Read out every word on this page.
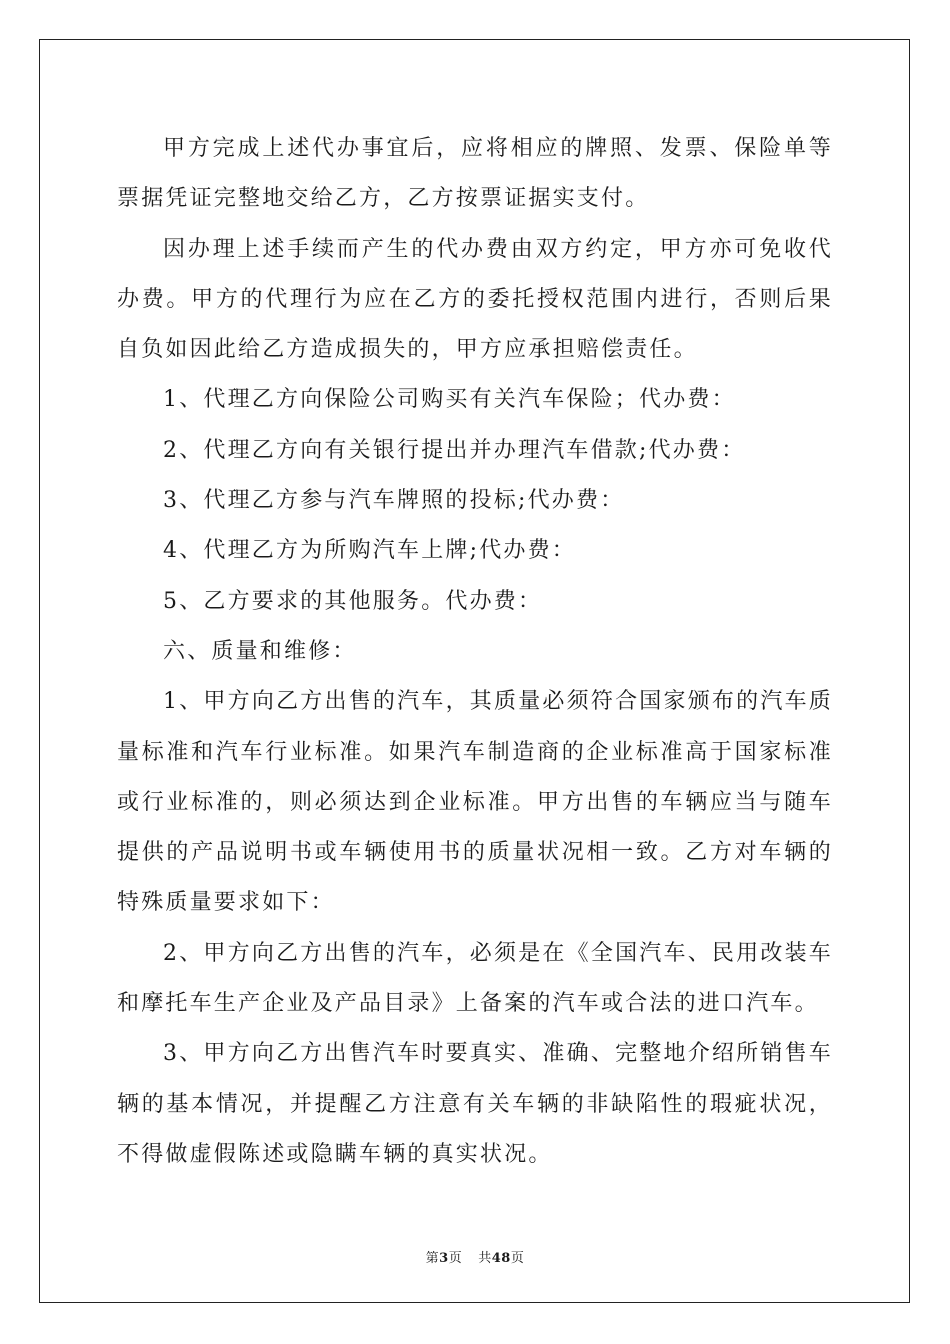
甲方完成上述代办事宜后，应将相应的牌照、发票、保险单等票据凭证完整地交给乙方，乙方按票证据实支付。

因办理上述手续而产生的代办费由双方约定，甲方亦可免收代办费。甲方的代理行为应在乙方的委托授权范围内进行，否则后果自负如因此给乙方造成损失的，甲方应承担赔偿责任。

1、代理乙方向保险公司购买有关汽车保险；代办费：

2、代理乙方向有关银行提出并办理汽车借款;代办费：

3、代理乙方参与汽车牌照的投标;代办费：

4、代理乙方为所购汽车上牌;代办费：

5、乙方要求的其他服务。代办费：

六、质量和维修：

1、甲方向乙方出售的汽车，其质量必须符合国家颁布的汽车质量标准和汽车行业标准。如果汽车制造商的企业标准高于国家标准或行业标准的，则必须达到企业标准。甲方出售的车辆应当与随车提供的产品说明书或车辆使用书的质量状况相一致。乙方对车辆的特殊质量要求如下：

2、甲方向乙方出售的汽车，必须是在《全国汽车、民用改装车和摩托车生产企业及产品目录》上备案的汽车或合法的进口汽车。

3、甲方向乙方出售汽车时要真实、准确、完整地介绍所销售车辆的基本情况，并提醒乙方注意有关车辆的非缺陷性的瑕疵状况，不得做虚假陈述或隐瞒车辆的真实状况。

第3页 共48页
